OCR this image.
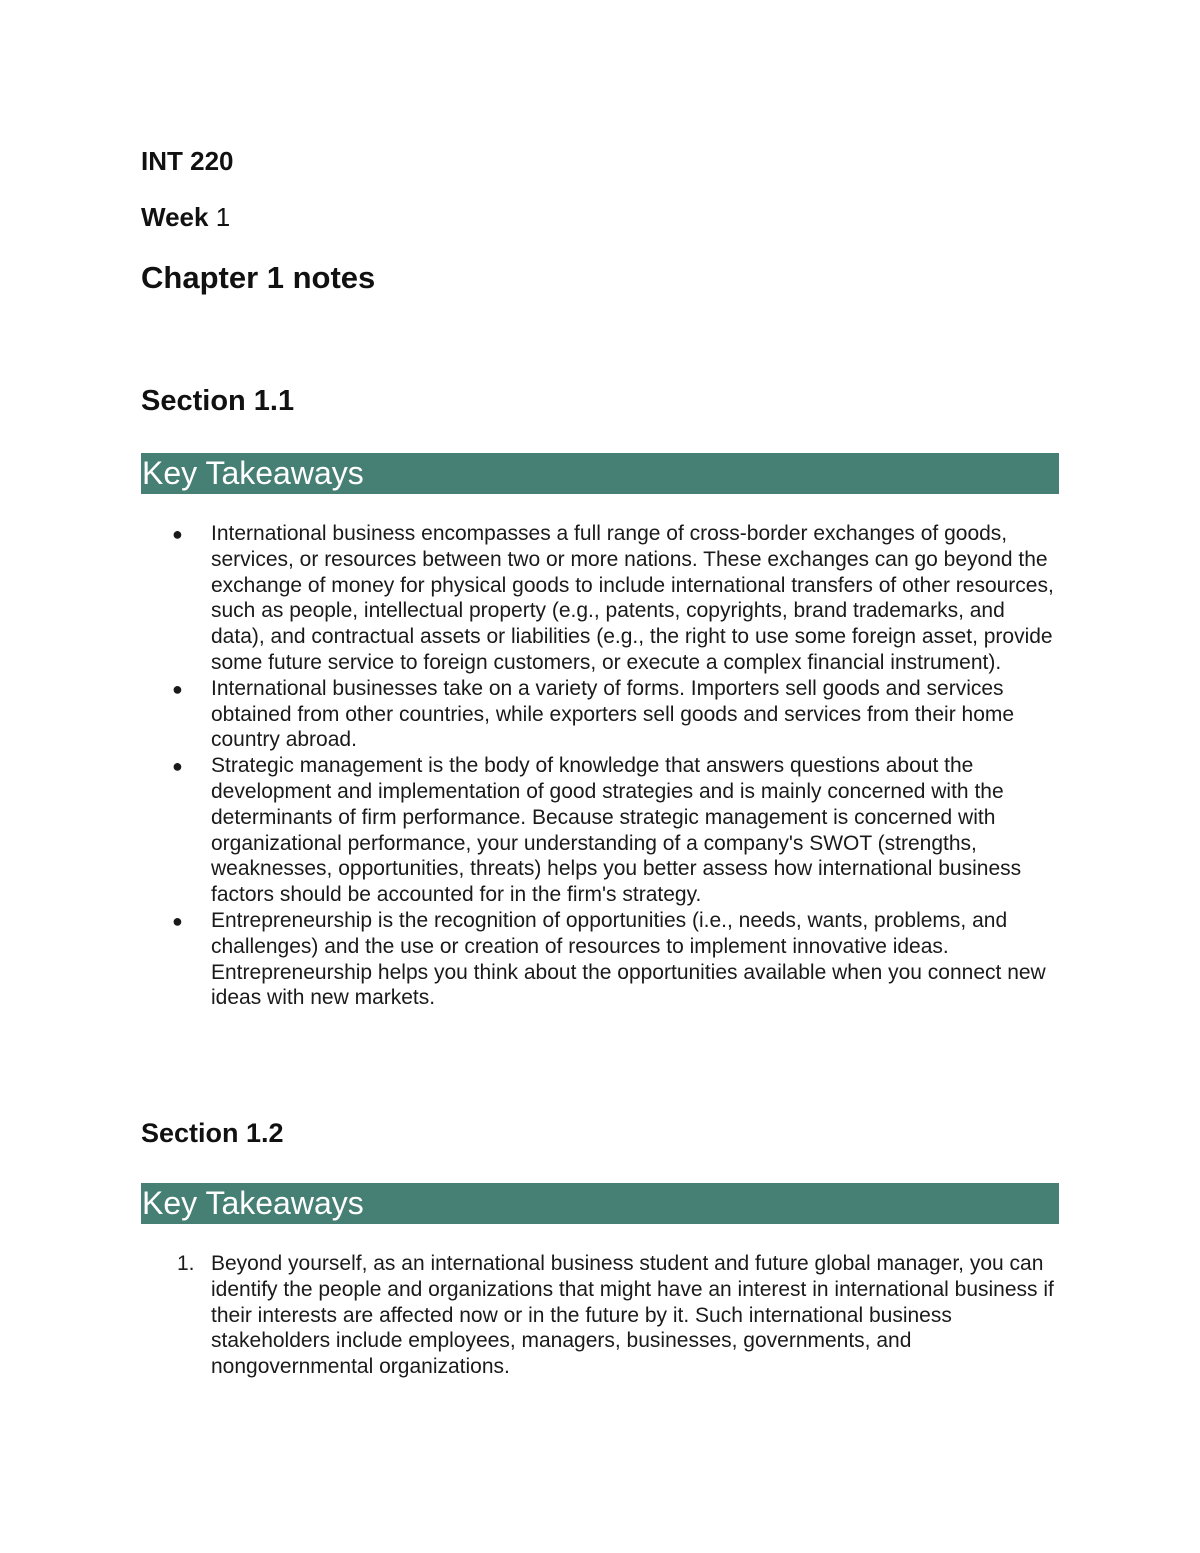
INT 220
Week 1
Chapter 1 notes
Section 1.1
Key Takeaways
● International business encompasses a full range of cross-border exchanges of goods, services, or resources between two or more nations. These exchanges can go beyond the exchange of money for physical goods to include international transfers of other resources, such as people, intellectual property (e.g., patents, copyrights, brand trademarks, and data), and contractual assets or liabilities (e.g., the right to use some foreign asset, provide some future service to foreign customers, or execute a complex financial instrument).
● International businesses take on a variety of forms. Importers sell goods and services obtained from other countries, while exporters sell goods and services from their home country abroad.
● Strategic management is the body of knowledge that answers questions about the development and implementation of good strategies and is mainly concerned with the determinants of firm performance. Because strategic management is concerned with organizational performance, your understanding of a company's SWOT (strengths, weaknesses, opportunities, threats) helps you better assess how international business factors should be accounted for in the firm's strategy.
● Entrepreneurship is the recognition of opportunities (i.e., needs, wants, problems, and challenges) and the use or creation of resources to implement innovative ideas. Entrepreneurship helps you think about the opportunities available when you connect new ideas with new markets.
Section 1.2
Key Takeaways
1. Beyond yourself, as an international business student and future global manager, you can identify the people and organizations that might have an interest in international business if their interests are affected now or in the future by it. Such international business stakeholders include employees, managers, businesses, governments, and nongovernmental organizations.
